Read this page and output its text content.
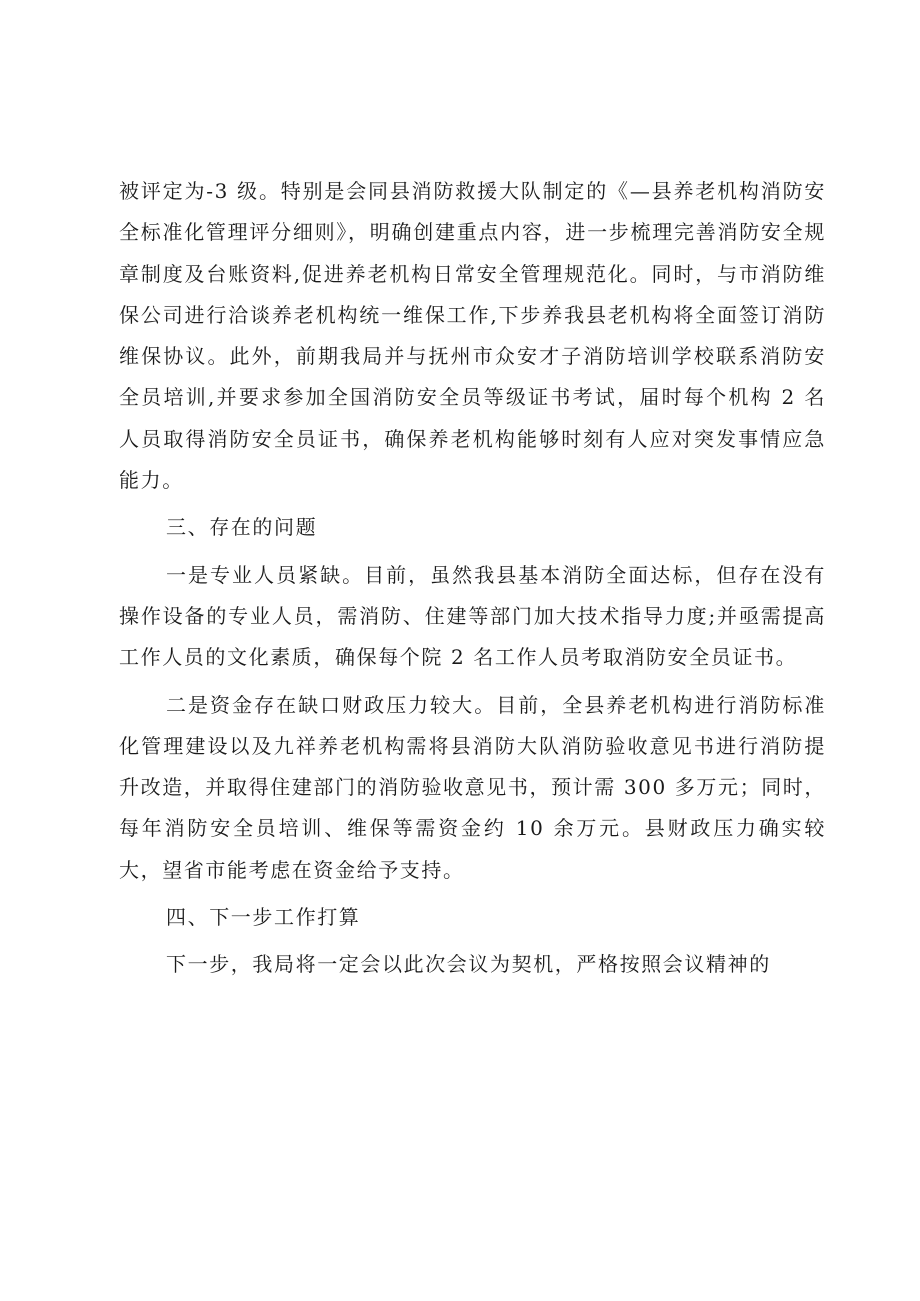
被评定为-3 级。特别是会同县消防救援大队制定的《—县养老机构消防安全标准化管理评分细则》，明确创建重点内容，进一步梳理完善消防安全规章制度及台账资料,促进养老机构日常安全管理规范化。同时，与市消防维保公司进行洽谈养老机构统一维保工作,下步养我县老机构将全面签订消防维保协议。此外，前期我局并与抚州市众安才子消防培训学校联系消防安全员培训,并要求参加全国消防安全员等级证书考试，届时每个机构 2 名人员取得消防安全员证书，确保养老机构能够时刻有人应对突发事情应急能力。

三、存在的问题

一是专业人员紧缺。目前，虽然我县基本消防全面达标，但存在没有操作设备的专业人员，需消防、住建等部门加大技术指导力度;并亟需提高工作人员的文化素质，确保每个院 2 名工作人员考取消防安全员证书。

二是资金存在缺口财政压力较大。目前，全县养老机构进行消防标准化管理建设以及九祥养老机构需将县消防大队消防验收意见书进行消防提升改造，并取得住建部门的消防验收意见书，预计需 300 多万元；同时，每年消防安全员培训、维保等需资金约 10 余万元。县财政压力确实较大，望省市能考虑在资金给予支持。

四、下一步工作打算

下一步，我局将一定会以此次会议为契机，严格按照会议精神的
